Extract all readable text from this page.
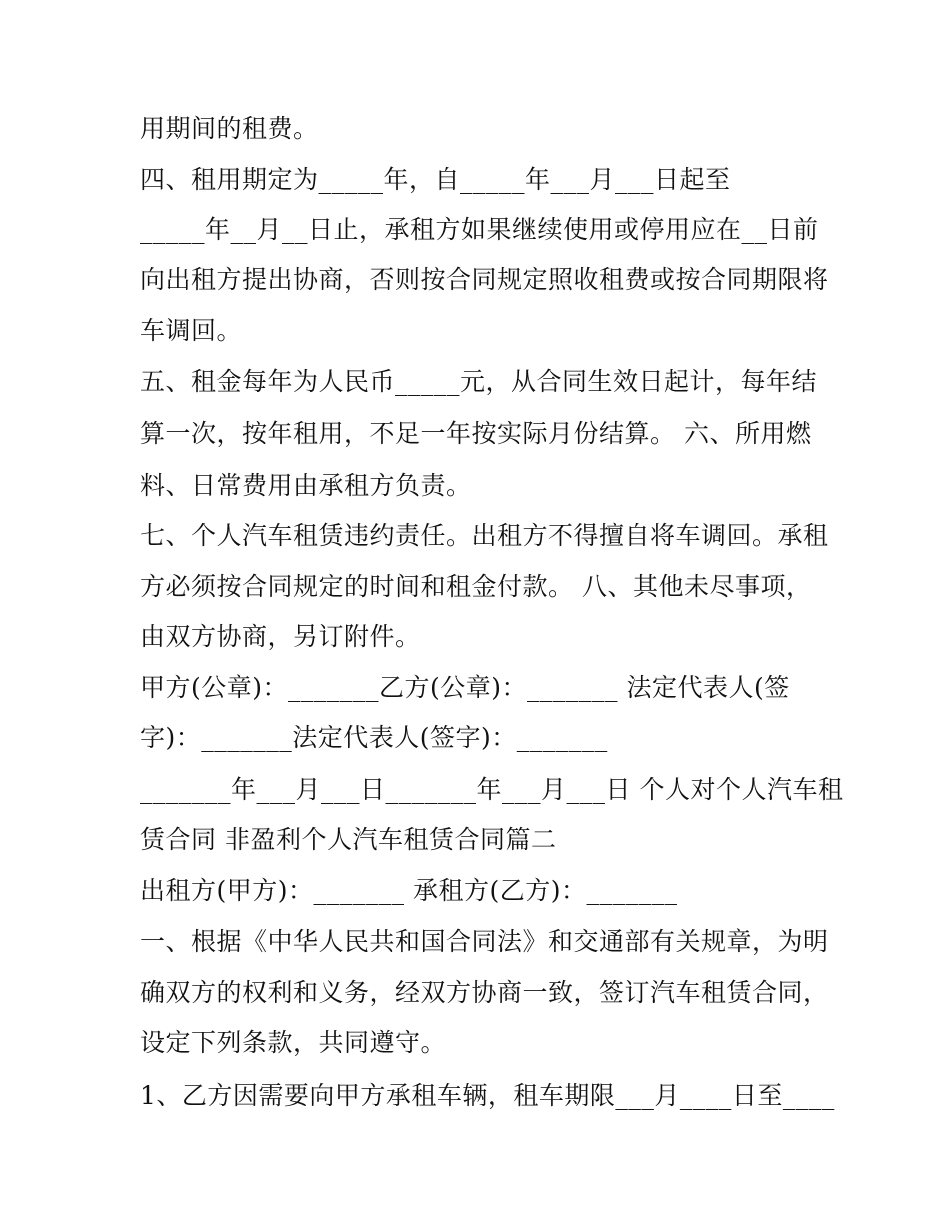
用期间的租费。
四、租用期定为_____年，自_____年___月___日起至
_____年__月__日止，承租方如果继续使用或停用应在__日前
向出租方提出协商，否则按合同规定照收租费或按合同期限将
车调回。
五、租金每年为人民币_____元，从合同生效日起计，每年结
算一次，按年租用，不足一年按实际月份结算。 六、所用燃
料、日常费用由承租方负责。
七、个人汽车租赁违约责任。出租方不得擅自将车调回。承租
方必须按合同规定的时间和租金付款。 八、其他未尽事项，
由双方协商，另订附件。
甲方(公章)：_______乙方(公章)：_______ 法定代表人(签
字)：_______法定代表人(签字)：_______
_______年___月___日_______年___月___日 个人对个人汽车租
赁合同 非盈利个人汽车租赁合同篇二
出租方(甲方)：_______ 承租方(乙方)：_______
一、根据《中华人民共和国合同法》和交通部有关规章，为明
确双方的权利和义务，经双方协商一致，签订汽车租赁合同，
设定下列条款，共同遵守。
1、乙方因需要向甲方承租车辆，租车期限___月____日至____
